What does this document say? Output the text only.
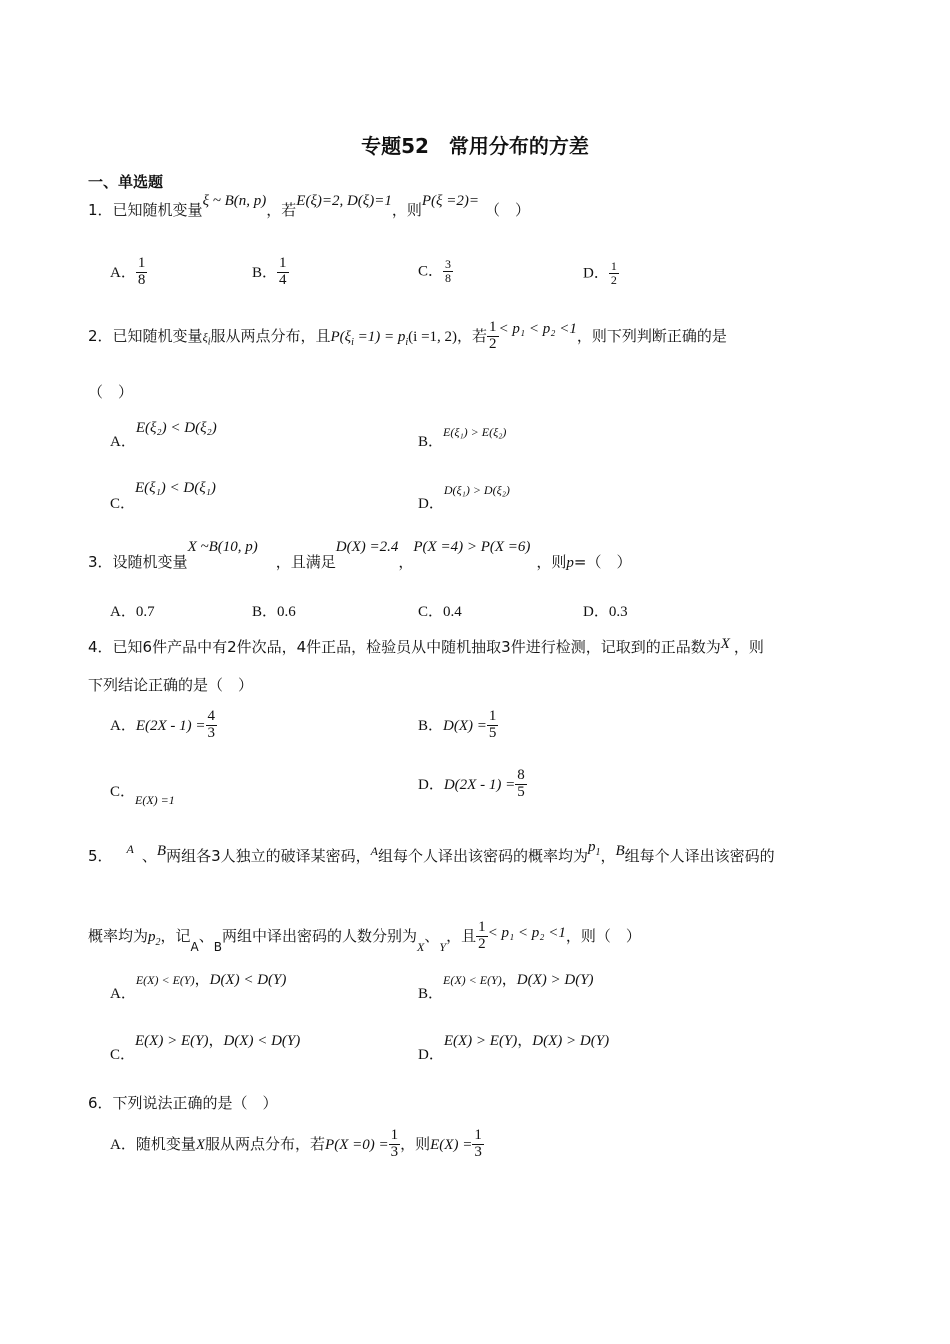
专题52　常用分布的方差
一、单选题
1．已知随机变量ξ ~ B(n, p)，若E(ξ)=2, D(ξ)=1，则P(ξ =2)= （　）
A． $\frac{1}{8}$	B． $\frac{1}{4}$	C． $\frac{3}{8}$	D． $\frac{1}{2}$
2．已知随机变量$\xi_i$服从两点分布，且$P(\xi_i =1) = p_i(i =1$, 2)，若 $\frac{1}{2} < p_1 < p_2 <1$，则下列判断正确的是
（　）
A．E(ξ₂) < D(ξ₂)
B．E(ξ₁) > E(ξ₂)
C．E(ξ₁) < D(ξ₁)
D．D(ξ₁) > D(ξ₂)
3．设随机变量X ~B(10, p)，且满足D(X) =2.4，P(X =4) > P(X =6)，则p=（　）
A．0.7	B．0.6	C．0.4	D．0.3
4．已知6件产品中有2件次品，4件正品，检验员从中随机抽取3件进行检测，记取到的正品数为X ，则
下列结论正确的是（　）
A．$E(2X - 1) = \frac{4}{3}$	B．$D(X) = \frac{1}{5}$
C．$_{E(X) =1}$
D．$D(2X - 1) = \frac{8}{5}$
5． $^A$ 、B两组各3人独立的破译某密码，$^A$组每个人译出该密码的概率均为$p_1$，B组每个人译出该密码的
概率均为$p_2$，记$_A$、$_B$两组中译出密码的人数分别为$_X$、$_Y$，且 $\frac{1}{2} < p_1 < p_2 <1$，则（　）
A．E(X) < E(Y)，D(X) < D(Y)
B．E(X) < E(Y)，D(X) > D(Y)
C．E(X) > E(Y)，D(X) < D(Y)
D．E(X) > E(Y)，D(X) > D(Y)
6．下列说法正确的是（　）
A．随机变量X服从两点分布，若$P(X =0) = \frac{1}{3}$ ，则$E(X) = \frac{1}{3}$
